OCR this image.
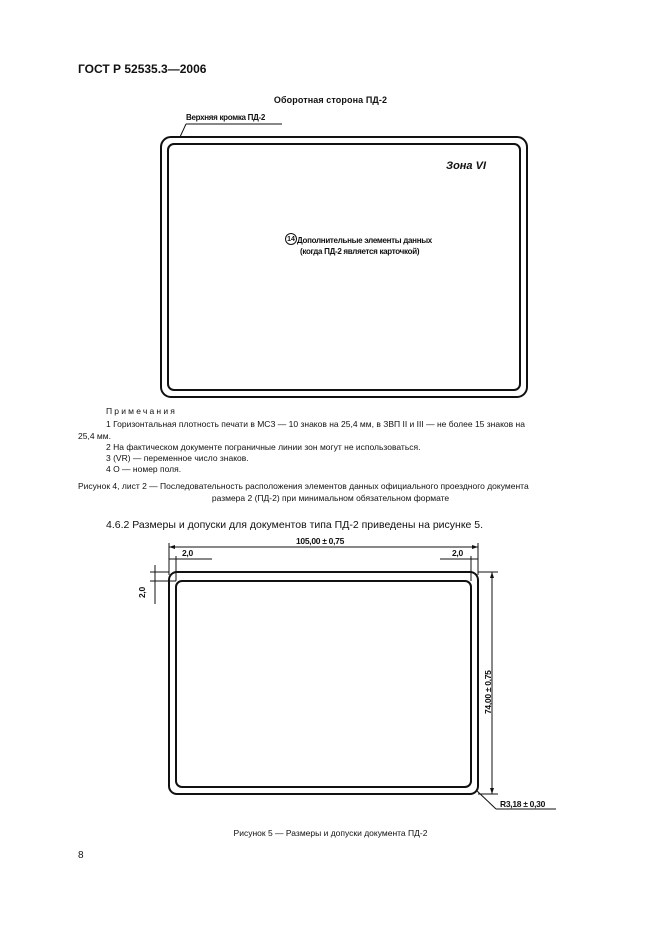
ГОСТ Р 52535.3—2006
Оборотная сторона ПД-2
Верхняя кромка ПД-2
Зона VI
14 Дополнительные элементы данных
(когда ПД-2 является карточкой)
Примечания
1 Горизонтальная плотность печати в МСЗ — 10 знаков на 25,4 мм, в ЗВП II и III — не более 15 знаков на
25,4 мм.
2 На фактическом документе пограничные линии зон могут не использоваться.
3 (VR) — переменное число знаков.
4 О — номер поля.
Рисунок 4, лист 2 — Последовательность расположения элементов данных официального проездного документа
размера 2 (ПД-2) при минимальном обязательном формате
4.6.2 Размеры и допуски для документов типа ПД-2 приведены на рисунке 5.
105,00 ± 0,75
2,0	2,0
2,0
74,00 ± 0,75
R3,18 ± 0,30
Рисунок 5 — Размеры и допуски документа ПД-2
8
